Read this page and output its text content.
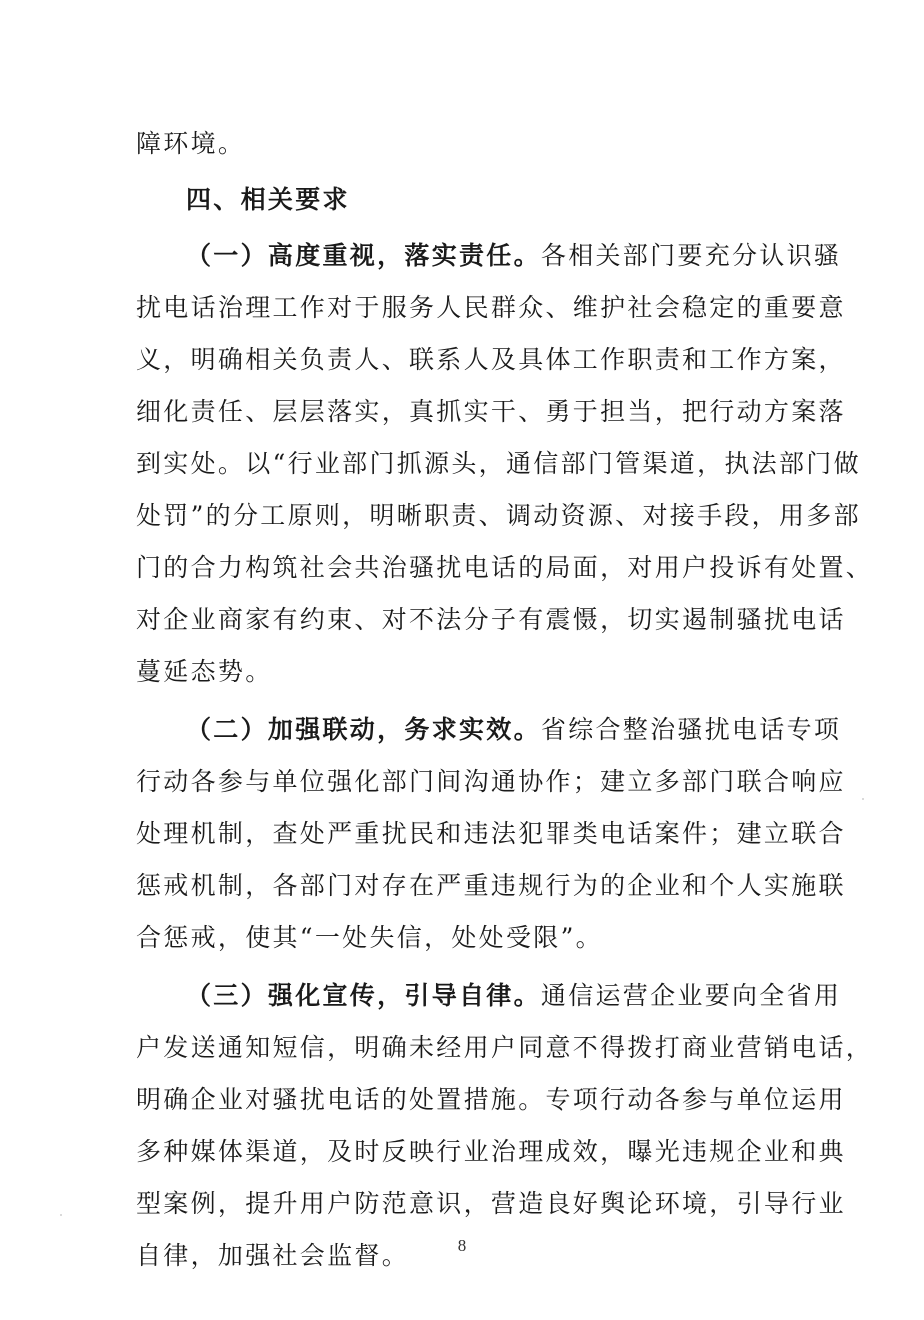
障环境。
四、相关要求
（一）高度重视，落实责任。各相关部门要充分认识骚
扰电话治理工作对于服务人民群众、维护社会稳定的重要意
义，明确相关负责人、联系人及具体工作职责和工作方案，
细化责任、层层落实，真抓实干、勇于担当，把行动方案落
到实处。以“行业部门抓源头，通信部门管渠道，执法部门做
处罚”的分工原则，明晰职责、调动资源、对接手段，用多部
门的合力构筑社会共治骚扰电话的局面，对用户投诉有处置、
对企业商家有约束、对不法分子有震慑，切实遏制骚扰电话
蔓延态势。
（二）加强联动，务求实效。省综合整治骚扰电话专项
行动各参与单位强化部门间沟通协作；建立多部门联合响应
处理机制，查处严重扰民和违法犯罪类电话案件；建立联合
惩戒机制，各部门对存在严重违规行为的企业和个人实施联
合惩戒，使其“一处失信，处处受限”。
（三）强化宣传，引导自律。通信运营企业要向全省用
户发送通知短信，明确未经用户同意不得拨打商业营销电话，
明确企业对骚扰电话的处置措施。专项行动各参与单位运用
多种媒体渠道，及时反映行业治理成效，曝光违规企业和典
型案例，提升用户防范意识，营造良好舆论环境，引导行业
自律，加强社会监督。	8
